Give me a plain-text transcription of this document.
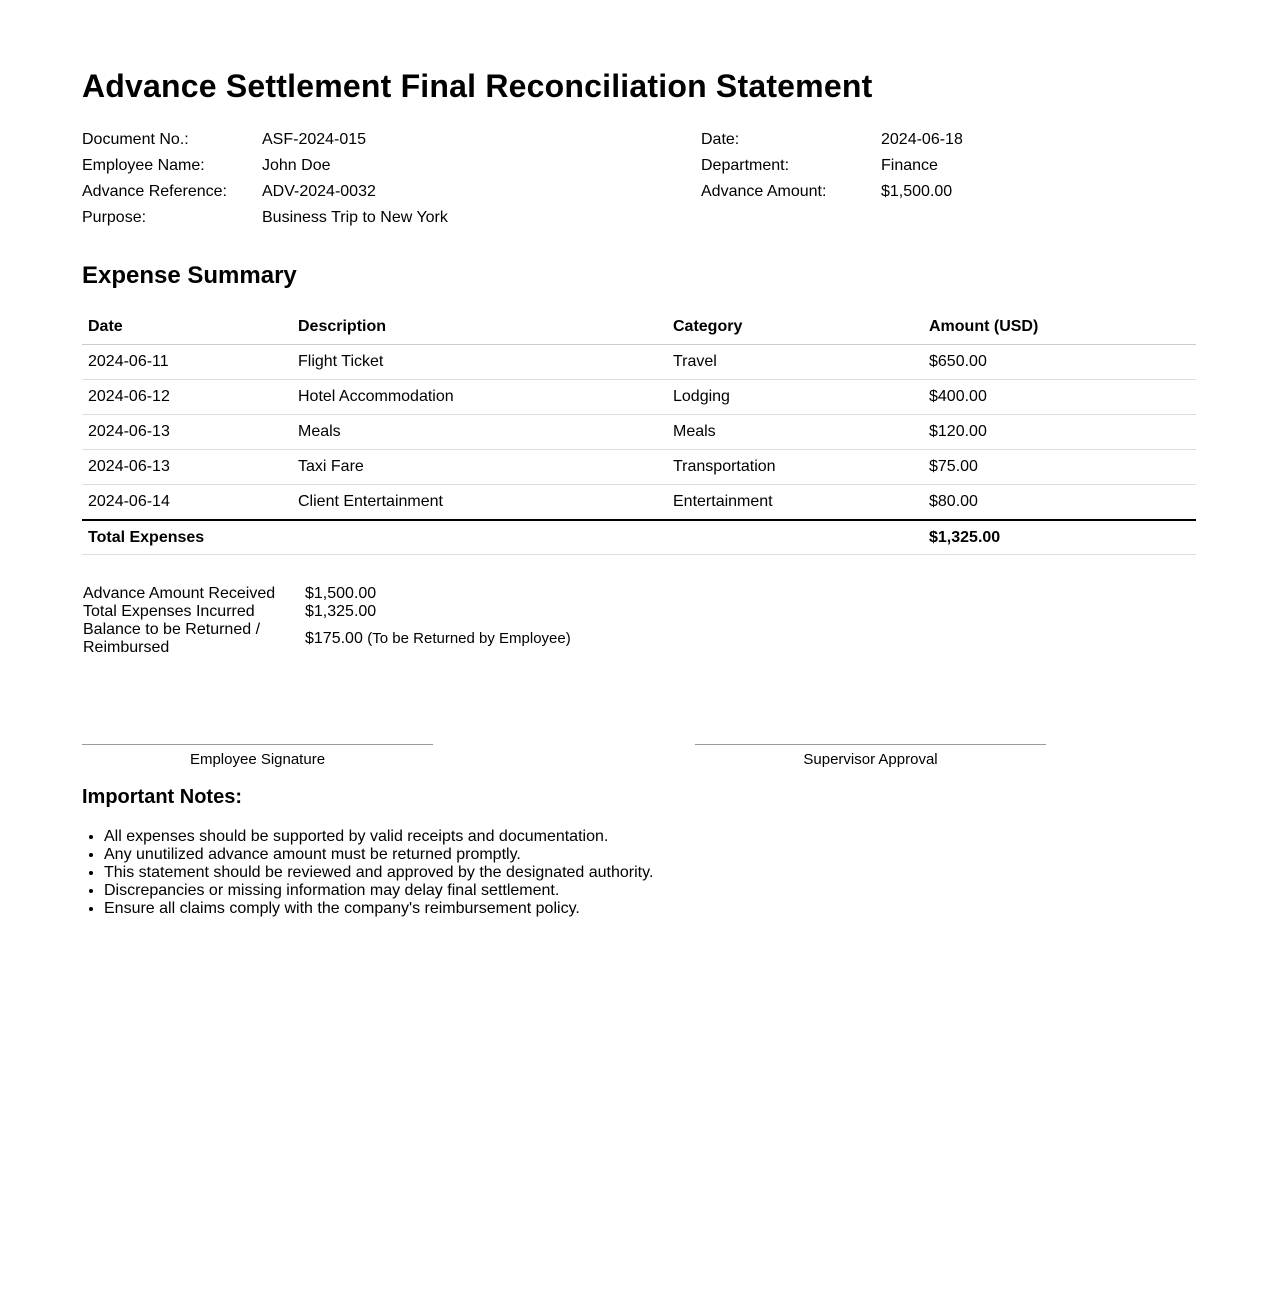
Advance Settlement Final Reconciliation Statement
Document No.:	ASF-2024-015
Employee Name:	John Doe
Advance Reference: ADV-2024-0032
Purpose:	Business Trip to New York
Date:	2024-06-18
Department:	Finance
Advance Amount:	$1,500.00
Expense Summary
Date	Description	Category	Amount (USD)
2024-06-11	Flight Ticket	Travel	$650.00
2024-06-12	Hotel Accommodation	Lodging	$400.00
2024-06-13	Meals	Meals	$120.00
2024-06-13	Taxi Fare	Transportation	$75.00
2024-06-14	Client Entertainment	Entertainment	$80.00
Total Expenses			$1,325.00
Advance Amount Received	$1,500.00
Total Expenses Incurred	$1,325.00
Balance to be Returned / Reimbursed	$175.00 (To be Returned by Employee)
Employee Signature	Supervisor Approval
Important Notes:
• All expenses should be supported by valid receipts and documentation.
• Any unutilized advance amount must be returned promptly.
• This statement should be reviewed and approved by the designated authority.
• Discrepancies or missing information may delay final settlement.
• Ensure all claims comply with the company's reimbursement policy.
